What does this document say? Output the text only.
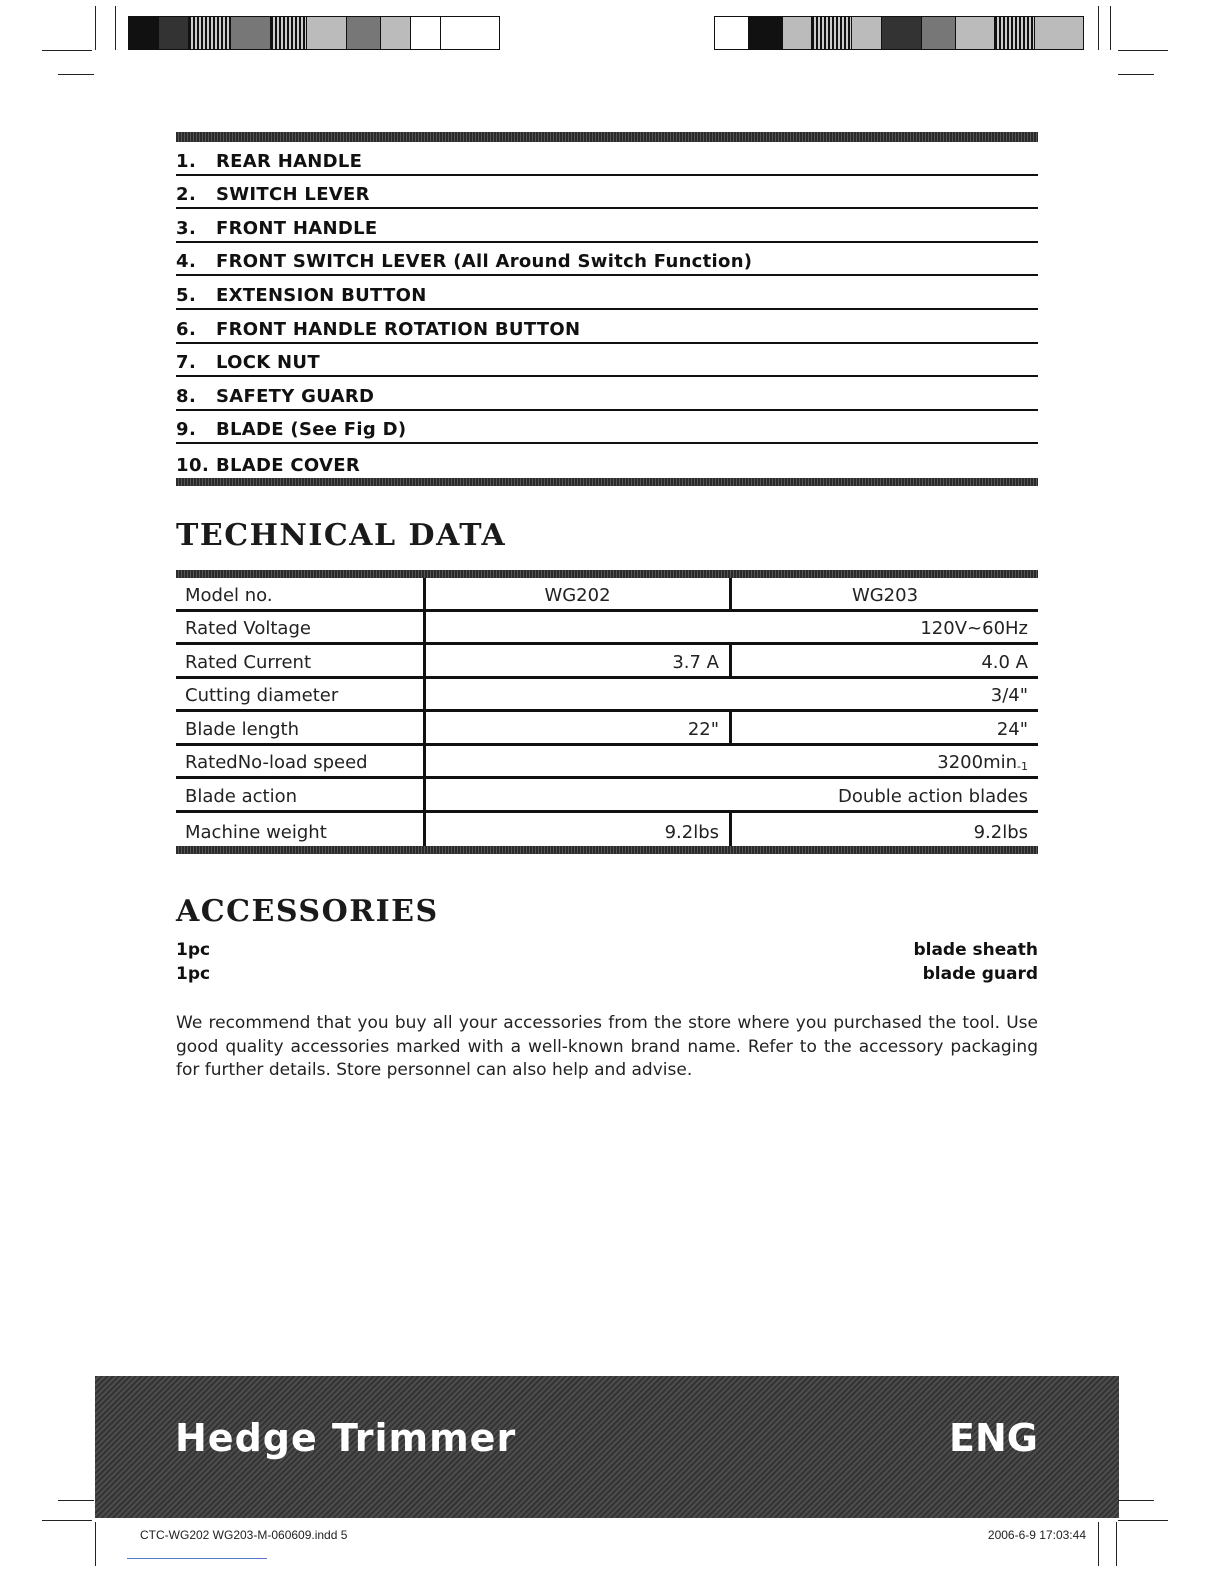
1.	REAR HANDLE
2.	SWITCH LEVER
3.	FRONT HANDLE
4.	FRONT SWITCH LEVER (All Around Switch Function)
5.	EXTENSION BUTTON
6.	FRONT HANDLE ROTATION BUTTON
7.	LOCK NUT
8.	SAFETY GUARD
9.	BLADE (See Fig D)
10. BLADE COVER
TECHNICAL DATA
Model no.	WG202	WG203
Rated Voltage	120V~60Hz
Rated Current	3.7 A	4.0 A
Cutting diameter	3/4"
Blade length	22"	24"
RatedNo-load speed	$3200\min_{-1}$
Blade action	Double action blades
Machine weight	9.2lbs	9.2lbs
ACCESSORIES
1pc	blade sheath
1pc	blade guard
We recommend that you buy all your accessories from the store where you purchased the tool. Use good quality accessories marked with a well-known brand name. Refer to the accessory packaging for further details. Store personnel can also help and advise.
Hedge Trimmer	ENG
CTC-WG202 WG203-M-060609.indd 5	2006-6-9 17:03:44
